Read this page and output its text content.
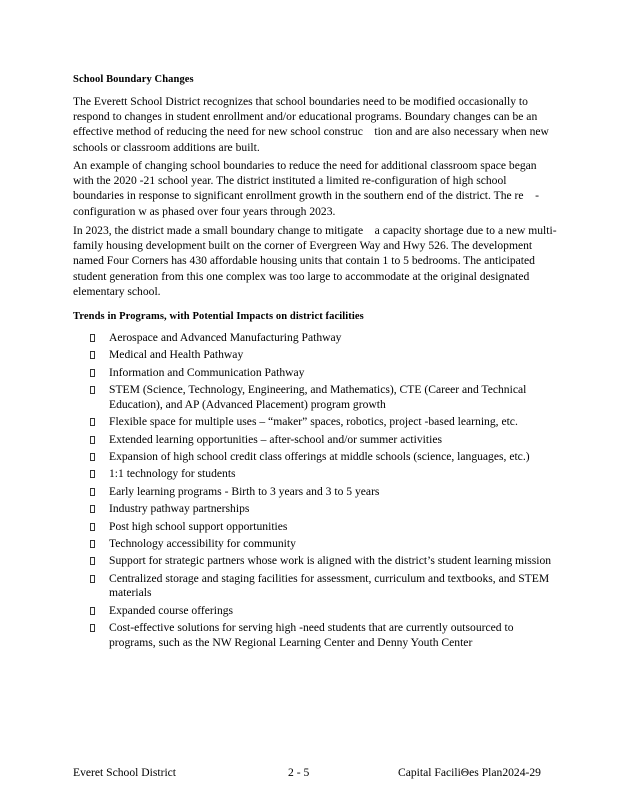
School Boundary Changes

The Everett School District recognizes that school boundaries need to be modified occasionally to respond to changes in student enrollment and/or educational programs. Boundary changes can be an effective method of reducing the need for new school construc    tion and are also necessary when new schools or classroom additions are built.

An example of changing school boundaries to reduce the need for additional classroom space began with the 2020 -21 school year. The district instituted a limited re-configuration of high school boundaries in response to significant enrollment growth in the southern end of the district. The re    - configuration w as phased over four years through 2023.

In 2023, the district made a small boundary change to mitigate    a capacity shortage due to a new multi-family housing development built on the corner of Evergreen Way and Hwy 526. The development named Four Corners has 430 affordable housing units that contain 1 to 5 bedrooms. The anticipated student generation from this one complex was too large to accommodate at the original designated elementary school.

Trends in Programs, with Potential Impacts on district facilities
Aerospace and Advanced Manufacturing Pathway
Medical and Health Pathway
Information and Communication Pathway
STEM (Science, Technology, Engineering, and Mathematics), CTE (Career and Technical Education), and AP (Advanced Placement) program growth
Flexible space for multiple uses – “maker” spaces, robotics, project -based learning, etc.
Extended learning opportunities – after-school and/or summer activities
Expansion of high school credit class offerings at middle schools (science, languages, etc.)
1:1 technology for students
Early learning programs - Birth to 3 years and 3 to 5 years
Industry pathway partnerships
Post high school support opportunities
Technology accessibility for community
Support for strategic partners whose work is aligned with the district’s student learning mission
Centralized storage and staging facilities for assessment, curriculum and textbooks, and STEM materials
Expanded course offerings
Cost-effective solutions for serving high -need students that are currently outsourced to programs, such as the NW Regional Learning Center and Denny Youth Center
Everet School District	2 - 5	Capital FaciliΘes Plan2024-29
